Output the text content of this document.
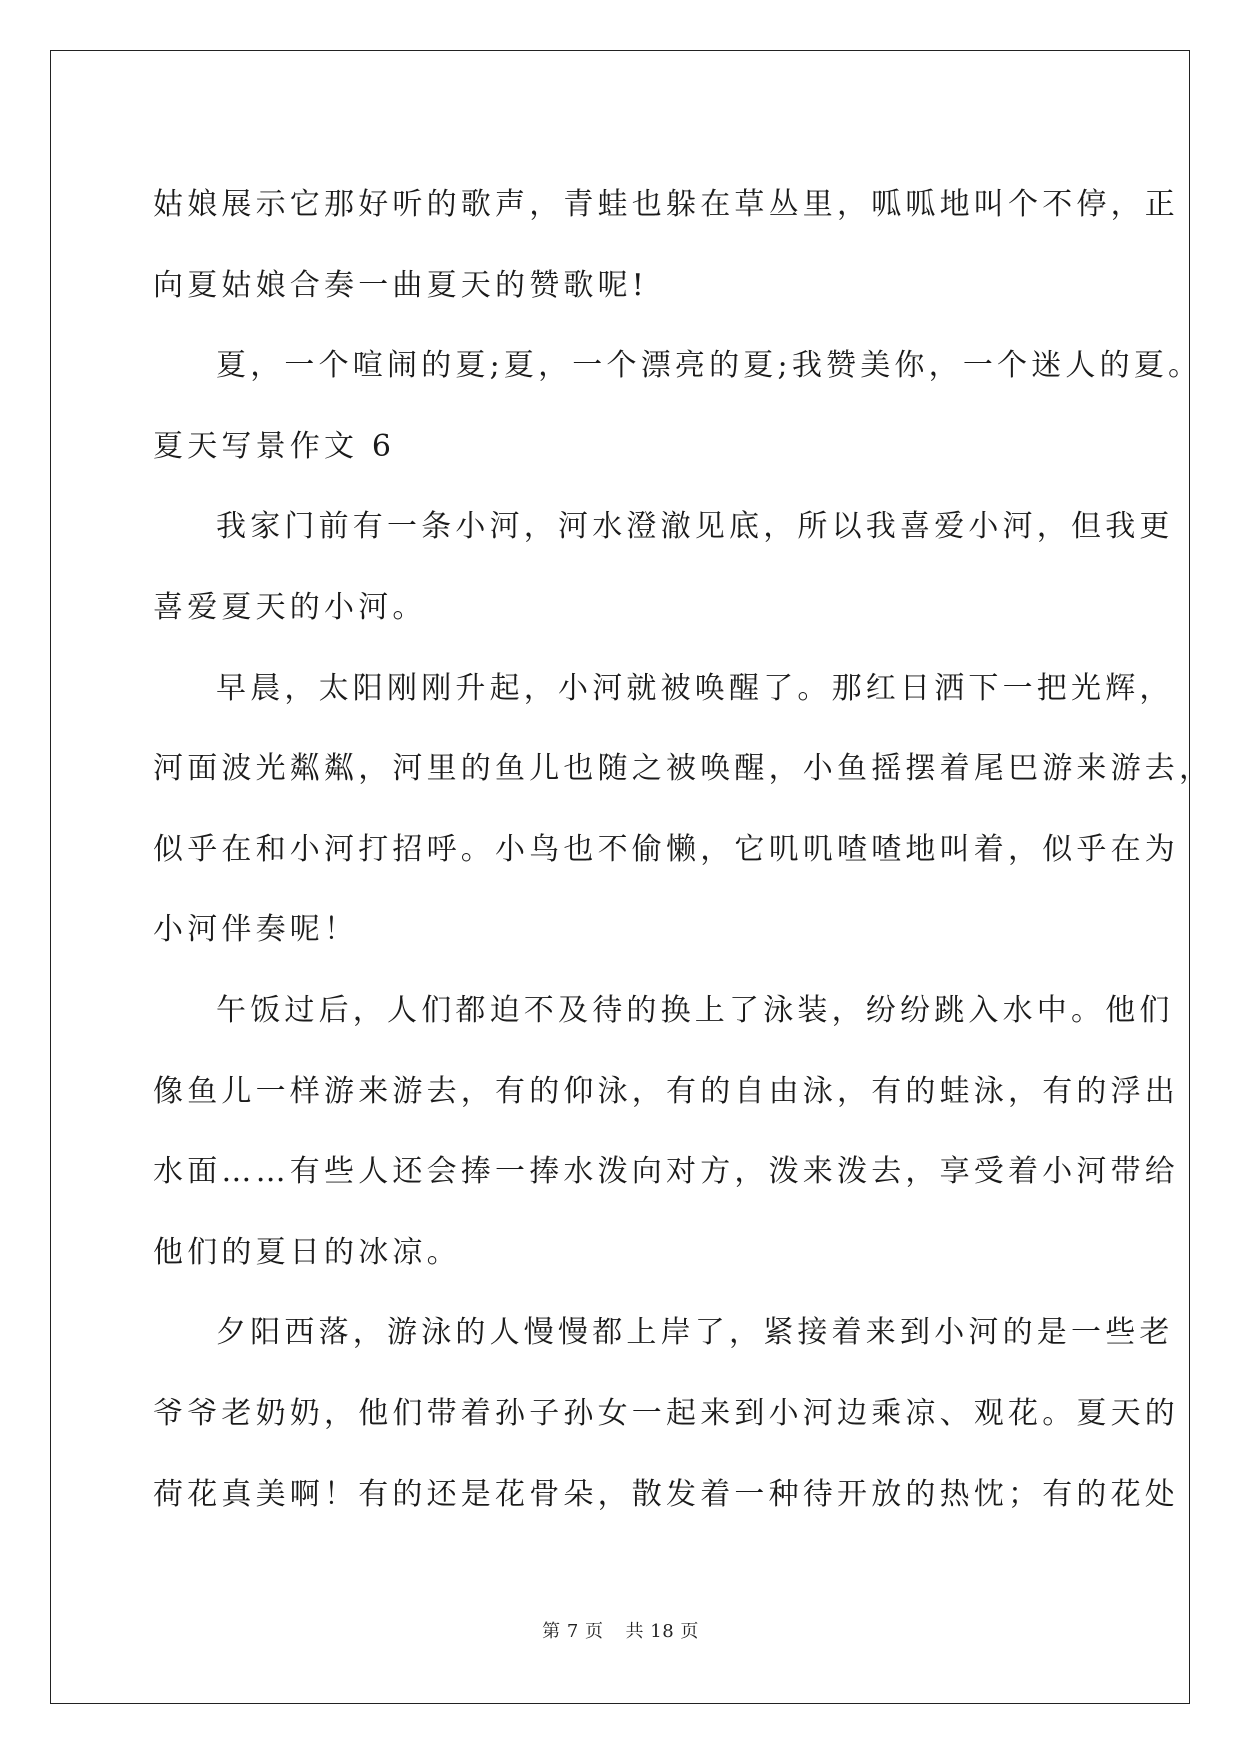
姑娘展示它那好听的歌声，青蛙也躲在草丛里，呱呱地叫个不停，正
向夏姑娘合奏一曲夏天的赞歌呢!
夏，一个喧闹的夏;夏，一个漂亮的夏;我赞美你，一个迷人的夏。
夏天写景作文 6
我家门前有一条小河，河水澄澈见底，所以我喜爱小河，但我更
喜爱夏天的小河。
早晨，太阳刚刚升起，小河就被唤醒了。那红日洒下一把光辉，
河面波光粼粼，河里的鱼儿也随之被唤醒，小鱼摇摆着尾巴游来游去，
似乎在和小河打招呼。小鸟也不偷懒，它叽叽喳喳地叫着，似乎在为
小河伴奏呢！
午饭过后，人们都迫不及待的换上了泳装，纷纷跳入水中。他们
像鱼儿一样游来游去，有的仰泳，有的自由泳，有的蛙泳，有的浮出
水面……有些人还会捧一捧水泼向对方，泼来泼去，享受着小河带给
他们的夏日的冰凉。
夕阳西落，游泳的人慢慢都上岸了，紧接着来到小河的是一些老
爷爷老奶奶，他们带着孙子孙女一起来到小河边乘凉、观花。夏天的
荷花真美啊！有的还是花骨朵，散发着一种待开放的热忱；有的花处
第 7 页 共 18 页
